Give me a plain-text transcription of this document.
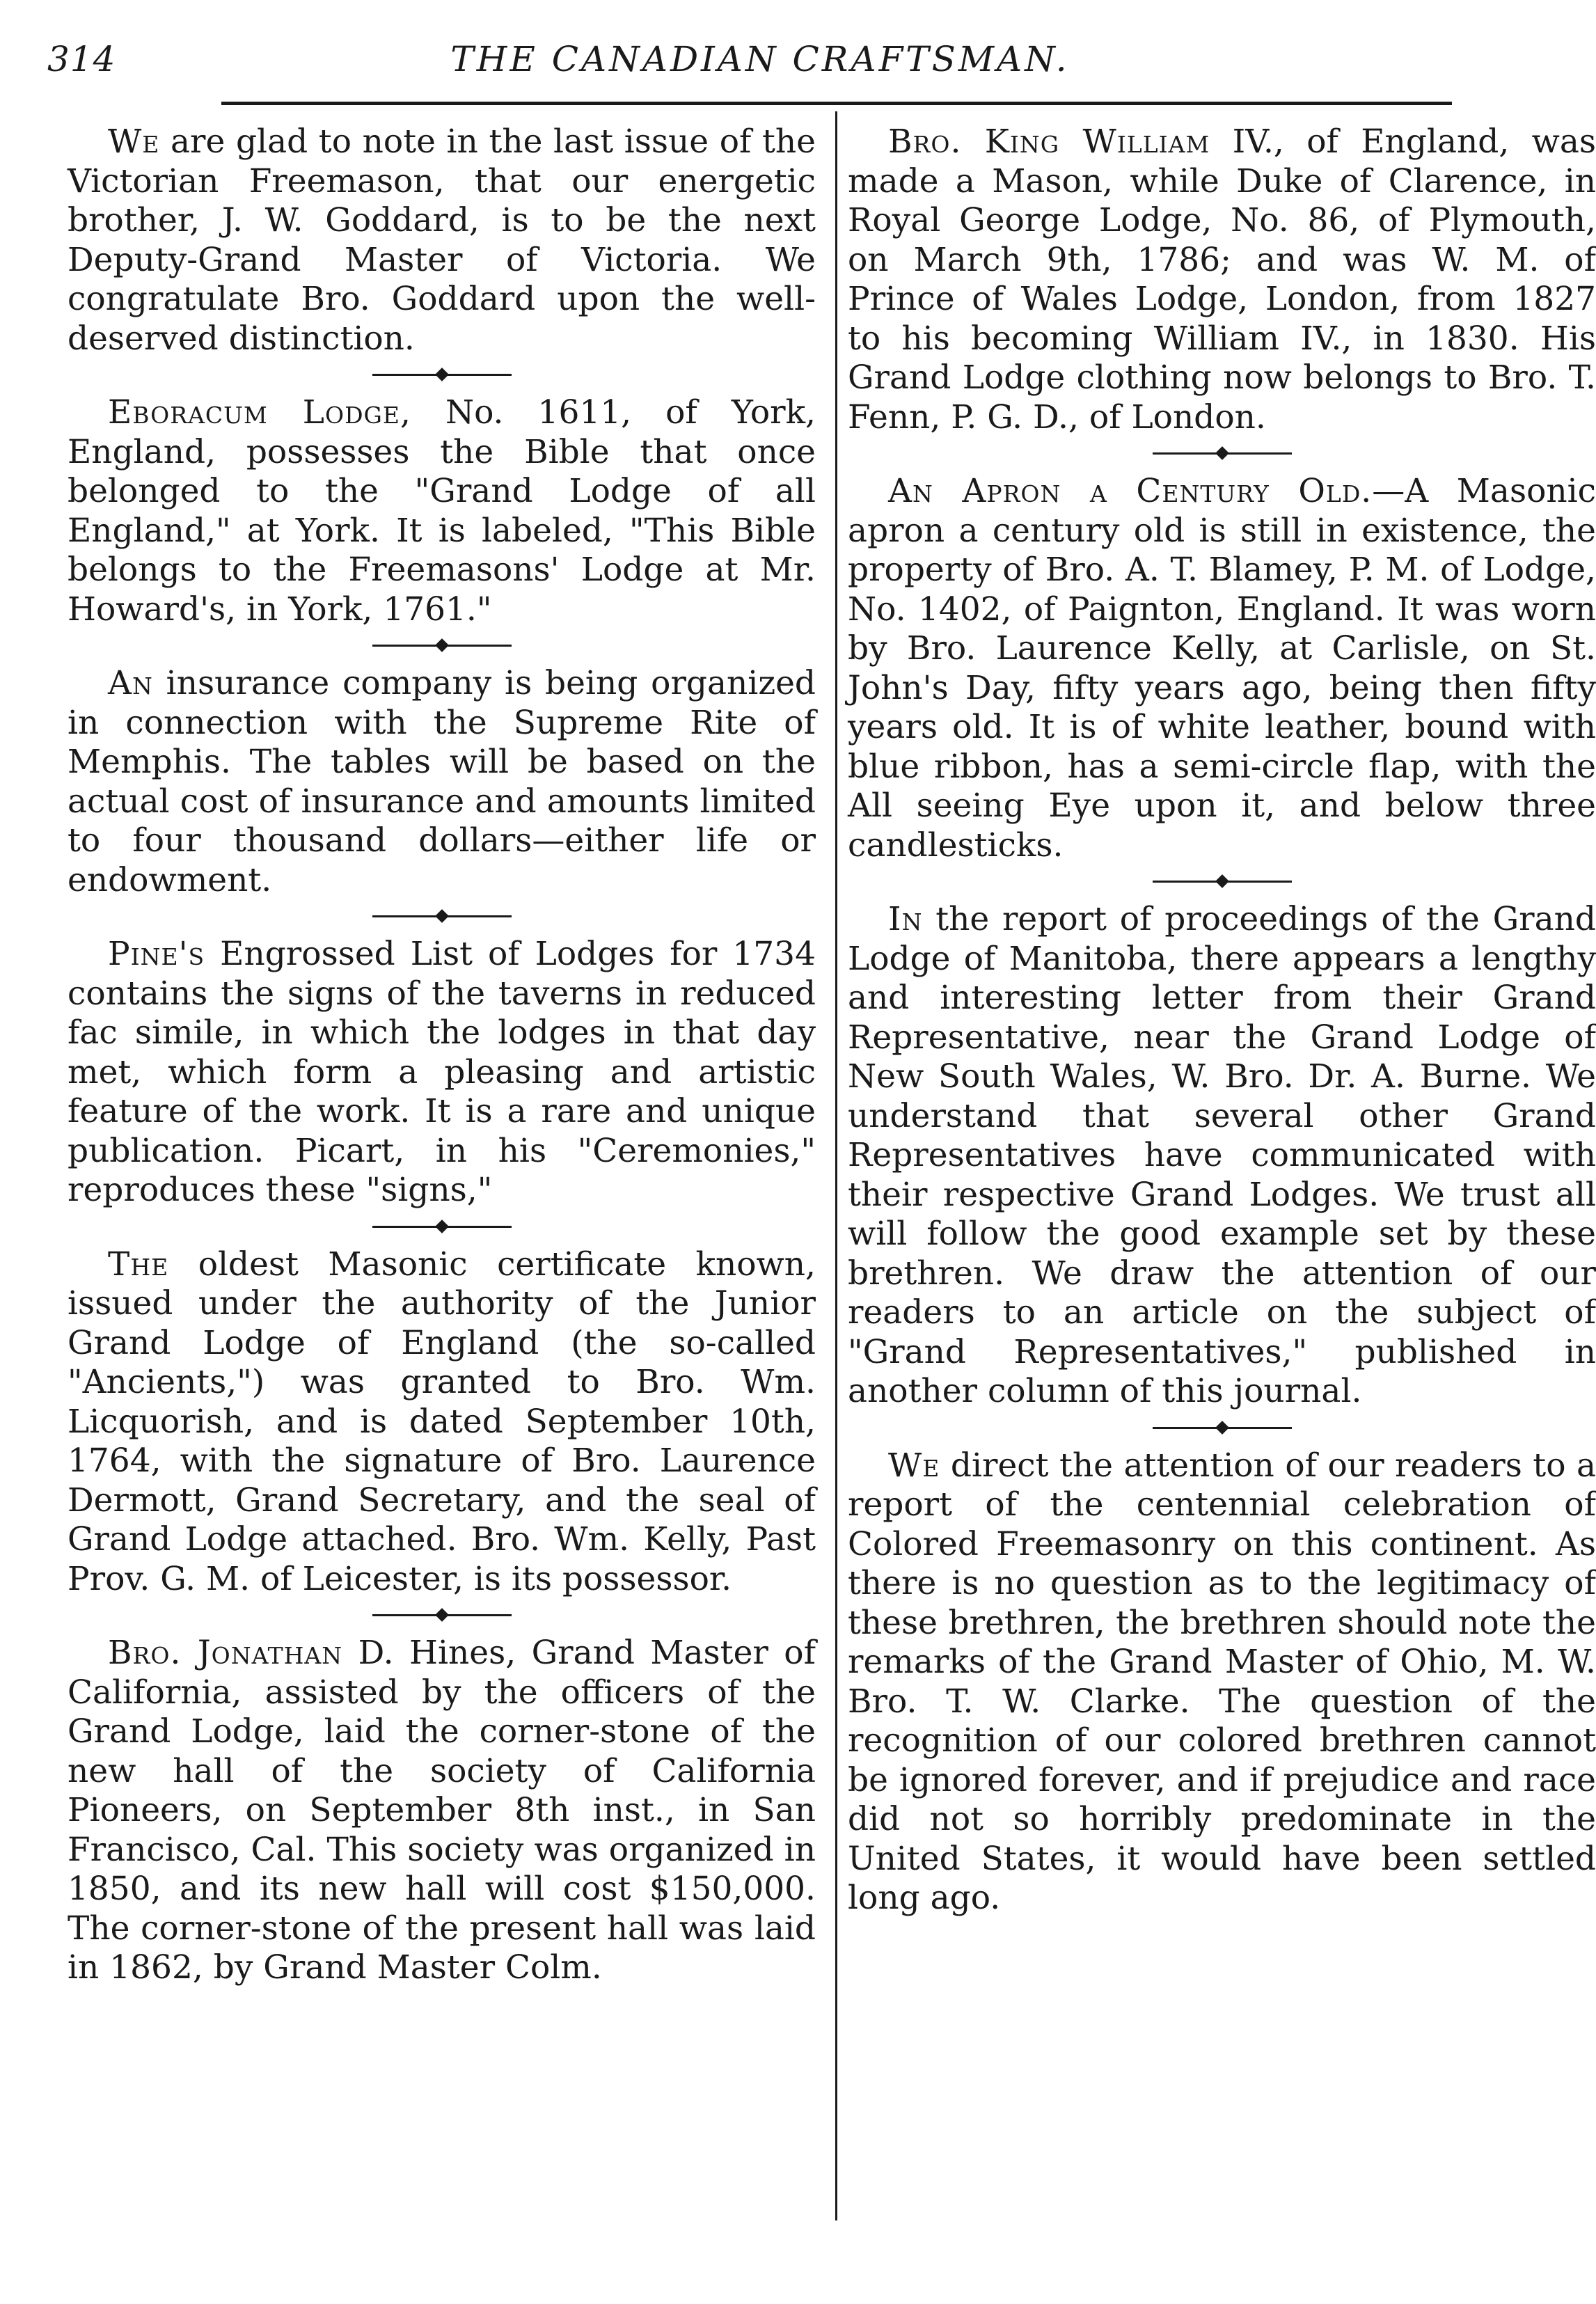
314	THE CANADIAN CRAFTSMAN.

We are glad to note in the last issue of the Victorian Freemason, that our energetic brother, J. W. Goddard, is to be the next Deputy-Grand Master of Victoria. We congratulate Bro. Goddard upon the well-deserved distinction.

Eboracum Lodge, No. 1611, of York, England, possesses the Bible that once belonged to the "Grand Lodge of all England," at York. It is labeled, "This Bible belongs to the Freemasons' Lodge at Mr. Howard's, in York, 1761."

An insurance company is being organized in connection with the Supreme Rite of Memphis. The tables will be based on the actual cost of insurance and amounts limited to four thousand dollars—either life or endowment.

Pine's Engrossed List of Lodges for 1734 contains the signs of the taverns in reduced fac simile, in which the lodges in that day met, which form a pleasing and artistic feature of the work. It is a rare and unique publication. Picart, in his "Ceremonies," reproduces these "signs,"

The oldest Masonic certificate known, issued under the authority of the Junior Grand Lodge of England (the so-called "Ancients,") was granted to Bro. Wm. Licquorish, and is dated September 10th, 1764, with the signature of Bro. Laurence Dermott, Grand Secretary, and the seal of Grand Lodge attached. Bro. Wm. Kelly, Past Prov. G. M. of Leicester, is its possessor.

Bro. Jonathan D. Hines, Grand Master of California, assisted by the officers of the Grand Lodge, laid the corner-stone of the new hall of the society of California Pioneers, on September 8th inst., in San Francisco, Cal. This society was organized in 1850, and its new hall will cost $150,000. The corner-stone of the present hall was laid in 1862, by Grand Master Colm.

Bro. King William IV., of England, was made a Mason, while Duke of Clarence, in Royal George Lodge, No. 86, of Plymouth, on March 9th, 1786; and was W. M. of Prince of Wales Lodge, London, from 1827 to his becoming William IV., in 1830. His Grand Lodge clothing now belongs to Bro. T. Fenn, P. G. D., of London.

An Apron a Century Old.—A Masonic apron a century old is still in existence, the property of Bro. A. T. Blamey, P. M. of Lodge, No. 1402, of Paignton, England. It was worn by Bro. Laurence Kelly, at Carlisle, on St. John's Day, fifty years ago, being then fifty years old. It is of white leather, bound with blue ribbon, has a semi-circle flap, with the All seeing Eye upon it, and below three candlesticks.

In the report of proceedings of the Grand Lodge of Manitoba, there appears a lengthy and interesting letter from their Grand Representative, near the Grand Lodge of New South Wales, W. Bro. Dr. A. Burne. We understand that several other Grand Representatives have communicated with their respective Grand Lodges. We trust all will follow the good example set by these brethren. We draw the attention of our readers to an article on the subject of "Grand Representatives," published in another column of this journal.

We direct the attention of our readers to a report of the centennial celebration of Colored Freemasonry on this continent. As there is no question as to the legitimacy of these brethren, the brethren should note the remarks of the Grand Master of Ohio, M. W. Bro. T. W. Clarke. The question of the recognition of our colored brethren cannot be ignored forever, and if prejudice and race did not so horribly predominate in the United States, it would have been settled long ago.
